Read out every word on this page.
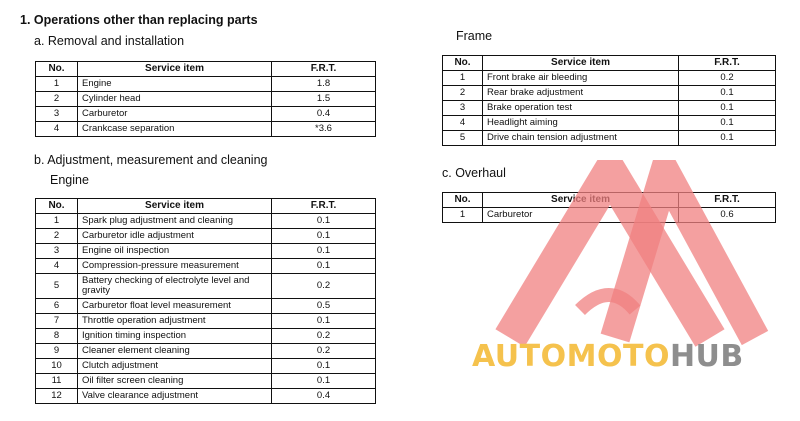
1. Operations other than replacing parts
a. Removal and installation
No.	Service item	F.R.T.
1	Engine	1.8
2	Cylinder head	1.5
3	Carburetor	0.4
4	Crankcase separation	*3.6
b. Adjustment, measurement and cleaning
Engine
No.	Service item	F.R.T.
1	Spark plug adjustment and cleaning	0.1
2	Carburetor idle adjustment	0.1
3	Engine oil inspection	0.1
4	Compression-pressure measurement	0.1
5	Battery checking of electrolyte level and gravity	0.2
6	Carburetor float level measurement	0.5
7	Throttle operation adjustment	0.1
8	Ignition timing inspection	0.2
9	Cleaner element cleaning	0.2
10	Clutch adjustment	0.1
11	Oil filter screen cleaning	0.1
12	Valve clearance adjustment	0.4
Frame
No.	Service item	F.R.T.
1	Front brake air bleeding	0.2
2	Rear brake adjustment	0.1
3	Brake operation test	0.1
4	Headlight aiming	0.1
5	Drive chain tension adjustment	0.1
c. Overhaul
No.	Service item	F.R.T.
1	Carburetor	0.6
AUTOMOTOHUB
